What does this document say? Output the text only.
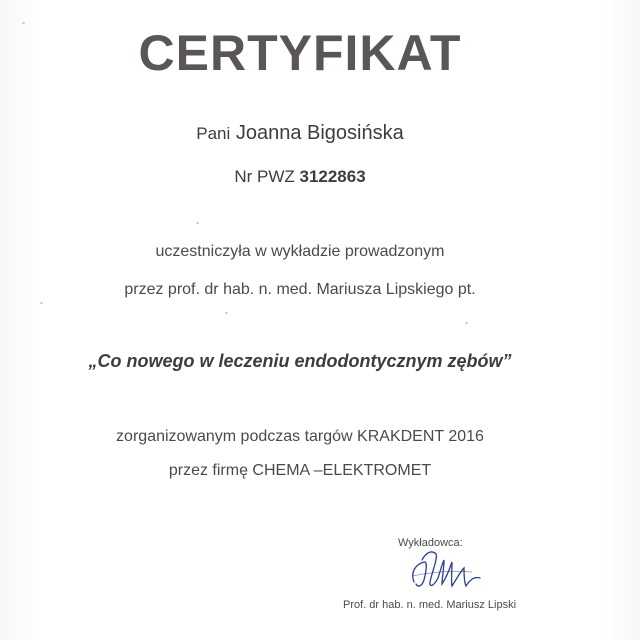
CERTYFIKAT
Pani Joanna Bigosińska
Nr PWZ 3122863
uczestniczyła w wykładzie prowadzonym
przez prof. dr hab. n. med. Mariusza Lipskiego pt.
„Co nowego w leczeniu endodontycznym zębów”
zorganizowanym podczas targów KRAKDENT 2016
przez firmę CHEMA –ELEKTROMET
Wykładowca:
Prof. dr hab. n. med. Mariusz Lipski
